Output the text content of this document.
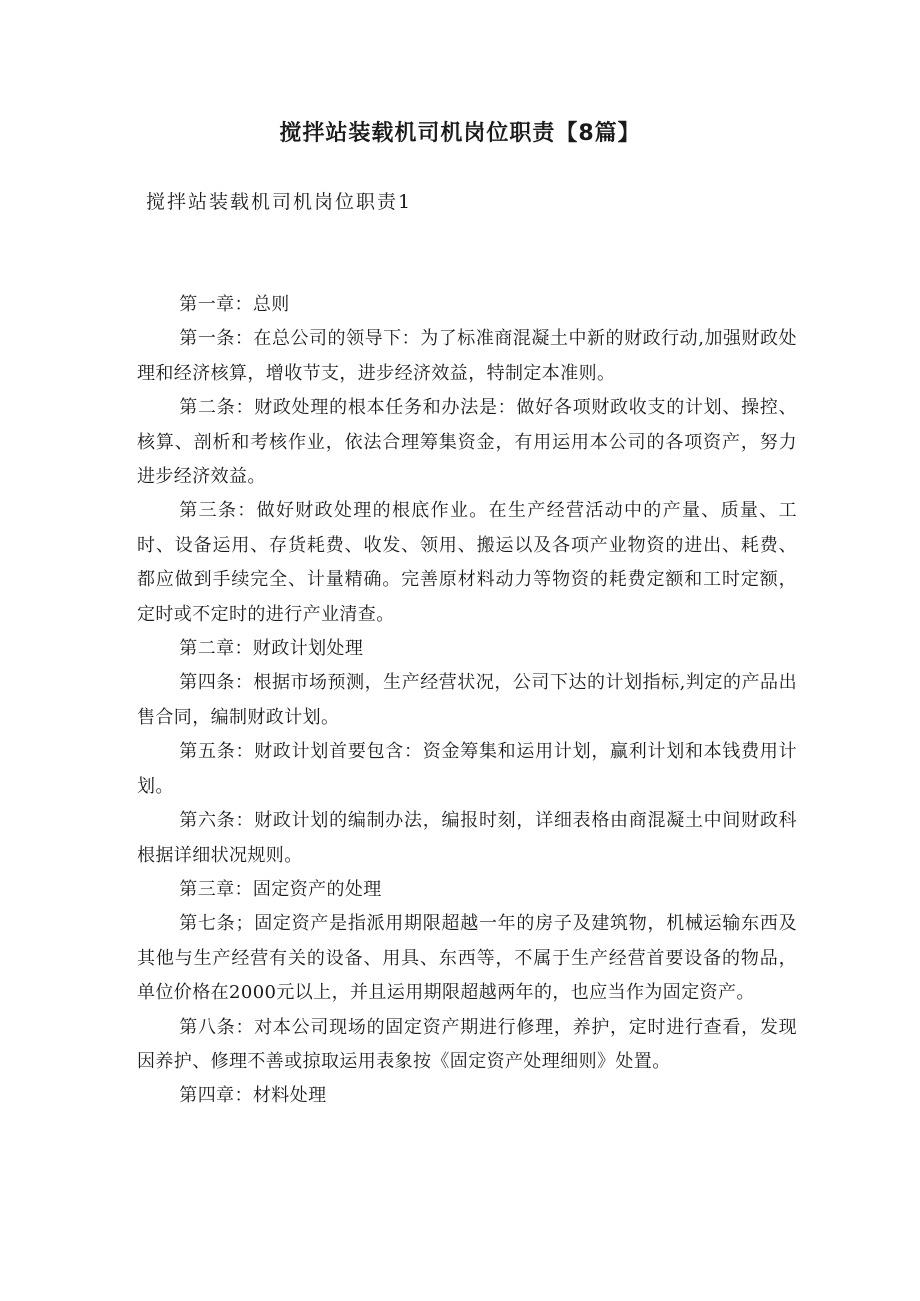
搅拌站装载机司机岗位职责【8篇】

搅拌站装载机司机岗位职责1

第一章：总则

第一条：在总公司的领导下：为了标准商混凝土中新的财政行动,加强财政处理和经济核算，增收节支，进步经济效益，特制定本准则。

第二条：财政处理的根本任务和办法是：做好各项财政收支的计划、操控、核算、剖析和考核作业，依法合理筹集资金，有用运用本公司的各项资产，努力进步经济效益。

第三条：做好财政处理的根底作业。在生产经营活动中的产量、质量、工时、设备运用、存货耗费、收发、领用、搬运以及各项产业物资的进出、耗费、都应做到手续完全、计量精确。完善原材料动力等物资的耗费定额和工时定额，定时或不定时的进行产业清查。

第二章：财政计划处理

第四条：根据市场预测，生产经营状况，公司下达的计划指标,判定的产品出售合同，编制财政计划。

第五条：财政计划首要包含：资金筹集和运用计划，赢利计划和本钱费用计划。

第六条：财政计划的编制办法，编报时刻，详细表格由商混凝土中间财政科根据详细状况规则。

第三章：固定资产的处理

第七条；固定资产是指派用期限超越一年的房子及建筑物，机械运输东西及其他与生产经营有关的设备、用具、东西等，不属于生产经营首要设备的物品，单位价格在2000元以上，并且运用期限超越两年的，也应当作为固定资产。

第八条：对本公司现场的固定资产期进行修理，养护，定时进行查看，发现因养护、修理不善或掠取运用表象按《固定资产处理细则》处置。

第四章：材料处理
